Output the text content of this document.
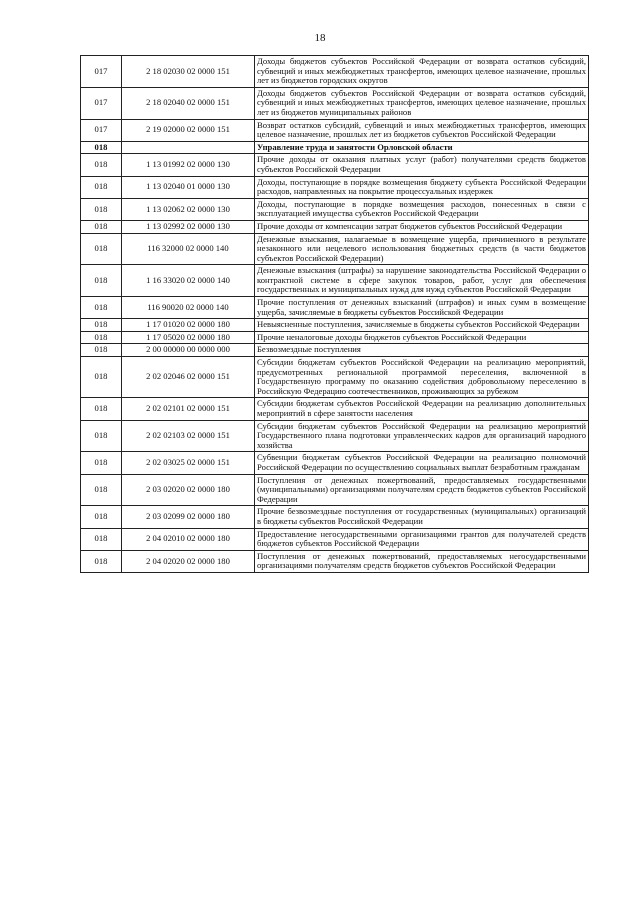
18
017	2 18 02030 02 0000 151	Доходы бюджетов субъектов Российской Федерации от возврата остатков субсидий, субвенций и иных межбюджетных трансфертов, имеющих целевое назначение, прошлых лет из бюджетов городских округов
017	2 18 02040 02 0000 151	Доходы бюджетов субъектов Российской Федерации от возврата остатков субсидий, субвенций и иных межбюджетных трансфертов, имеющих целевое назначение, прошлых лет из бюджетов муниципальных районов
017	2 19 02000 02 0000 151	Возврат остатков субсидий, субвенций и иных межбюджетных трансфертов, имеющих целевое назначение, прошлых лет из бюджетов субъектов Российской Федерации
018		Управление труда и занятости Орловской области
018	1 13 01992 02 0000 130	Прочие доходы от оказания платных услуг (работ) получателями средств бюджетов субъектов Российской Федерации
018	1 13 02040 01 0000 130	Доходы, поступающие в порядке возмещения бюджету субъекта Российской Федерации расходов, направленных на покрытие процессуальных издержек
018	1 13 02062 02 0000 130	Доходы, поступающие в порядке возмещения расходов, понесенных в связи с эксплуатацией имущества субъектов Российской Федерации
018	1 13 02992 02 0000 130	Прочие доходы от компенсации затрат бюджетов субъектов Российской Федерации
018	116 32000 02 0000 140	Денежные взыскания, налагаемые в возмещение ущерба, причиненного в результате незаконного или нецелевого использования бюджетных средств (в части бюджетов субъектов Российской Федерации)
018	1 16 33020 02 0000 140	Денежные взыскания (штрафы) за нарушение законодательства Российской Федерации о контрактной системе в сфере закупок товаров, работ, услуг для обеспечения государственных и муниципальных нужд для нужд субъектов Российской Федерации
018	116 90020 02 0000 140	Прочие поступления от денежных взысканий (штрафов) и иных сумм в возмещение ущерба, зачисляемые в бюджеты субъектов Российской Федерации
018	1 17 01020 02 0000 180	Невыясненные поступления, зачисляемые в бюджеты субъектов Российской Федерации
018	1 17 05020 02 0000 180	Прочие неналоговые доходы бюджетов субъектов Российской Федерации
018	2 00 00000 00 0000 000	Безвозмездные поступления
018	2 02 02046 02 0000 151	Субсидии бюджетам субъектов Российской Федерации на реализацию мероприятий, предусмотренных региональной программой переселения, включенной в Государственную программу по оказанию содействия добровольному переселению в Российскую Федерацию соотечественников, проживающих за рубежом
018	2 02 02101 02 0000 151	Субсидии бюджетам субъектов Российской Федерации на реализацию дополнительных мероприятий в сфере занятости населения
018	2 02 02103 02 0000 151	Субсидии бюджетам субъектов Российской Федерации на реализацию мероприятий Государственного плана подготовки управленческих кадров для организаций народного хозяйства
018	2 02 03025 02 0000 151	Субвенции бюджетам субъектов Российской Федерации на реализацию полномочий Российской Федерации по осуществлению социальных выплат безработным гражданам
018	2 03 02020 02 0000 180	Поступления от денежных пожертвований, предоставляемых государственными (муниципальными) организациями получателям средств бюджетов субъектов Российской Федерации
018	2 03 02099 02 0000 180	Прочие безвозмездные поступления от государственных (муниципальных) организаций в бюджеты субъектов Российской Федерации
018	2 04 02010 02 0000 180	Предоставление негосударственными организациями грантов для получателей средств бюджетов субъектов Российской Федерации
018	2 04 02020 02 0000 180	Поступления от денежных пожертвований, предоставляемых негосударственными организациями получателям средств бюджетов субъектов Российской Федерации
